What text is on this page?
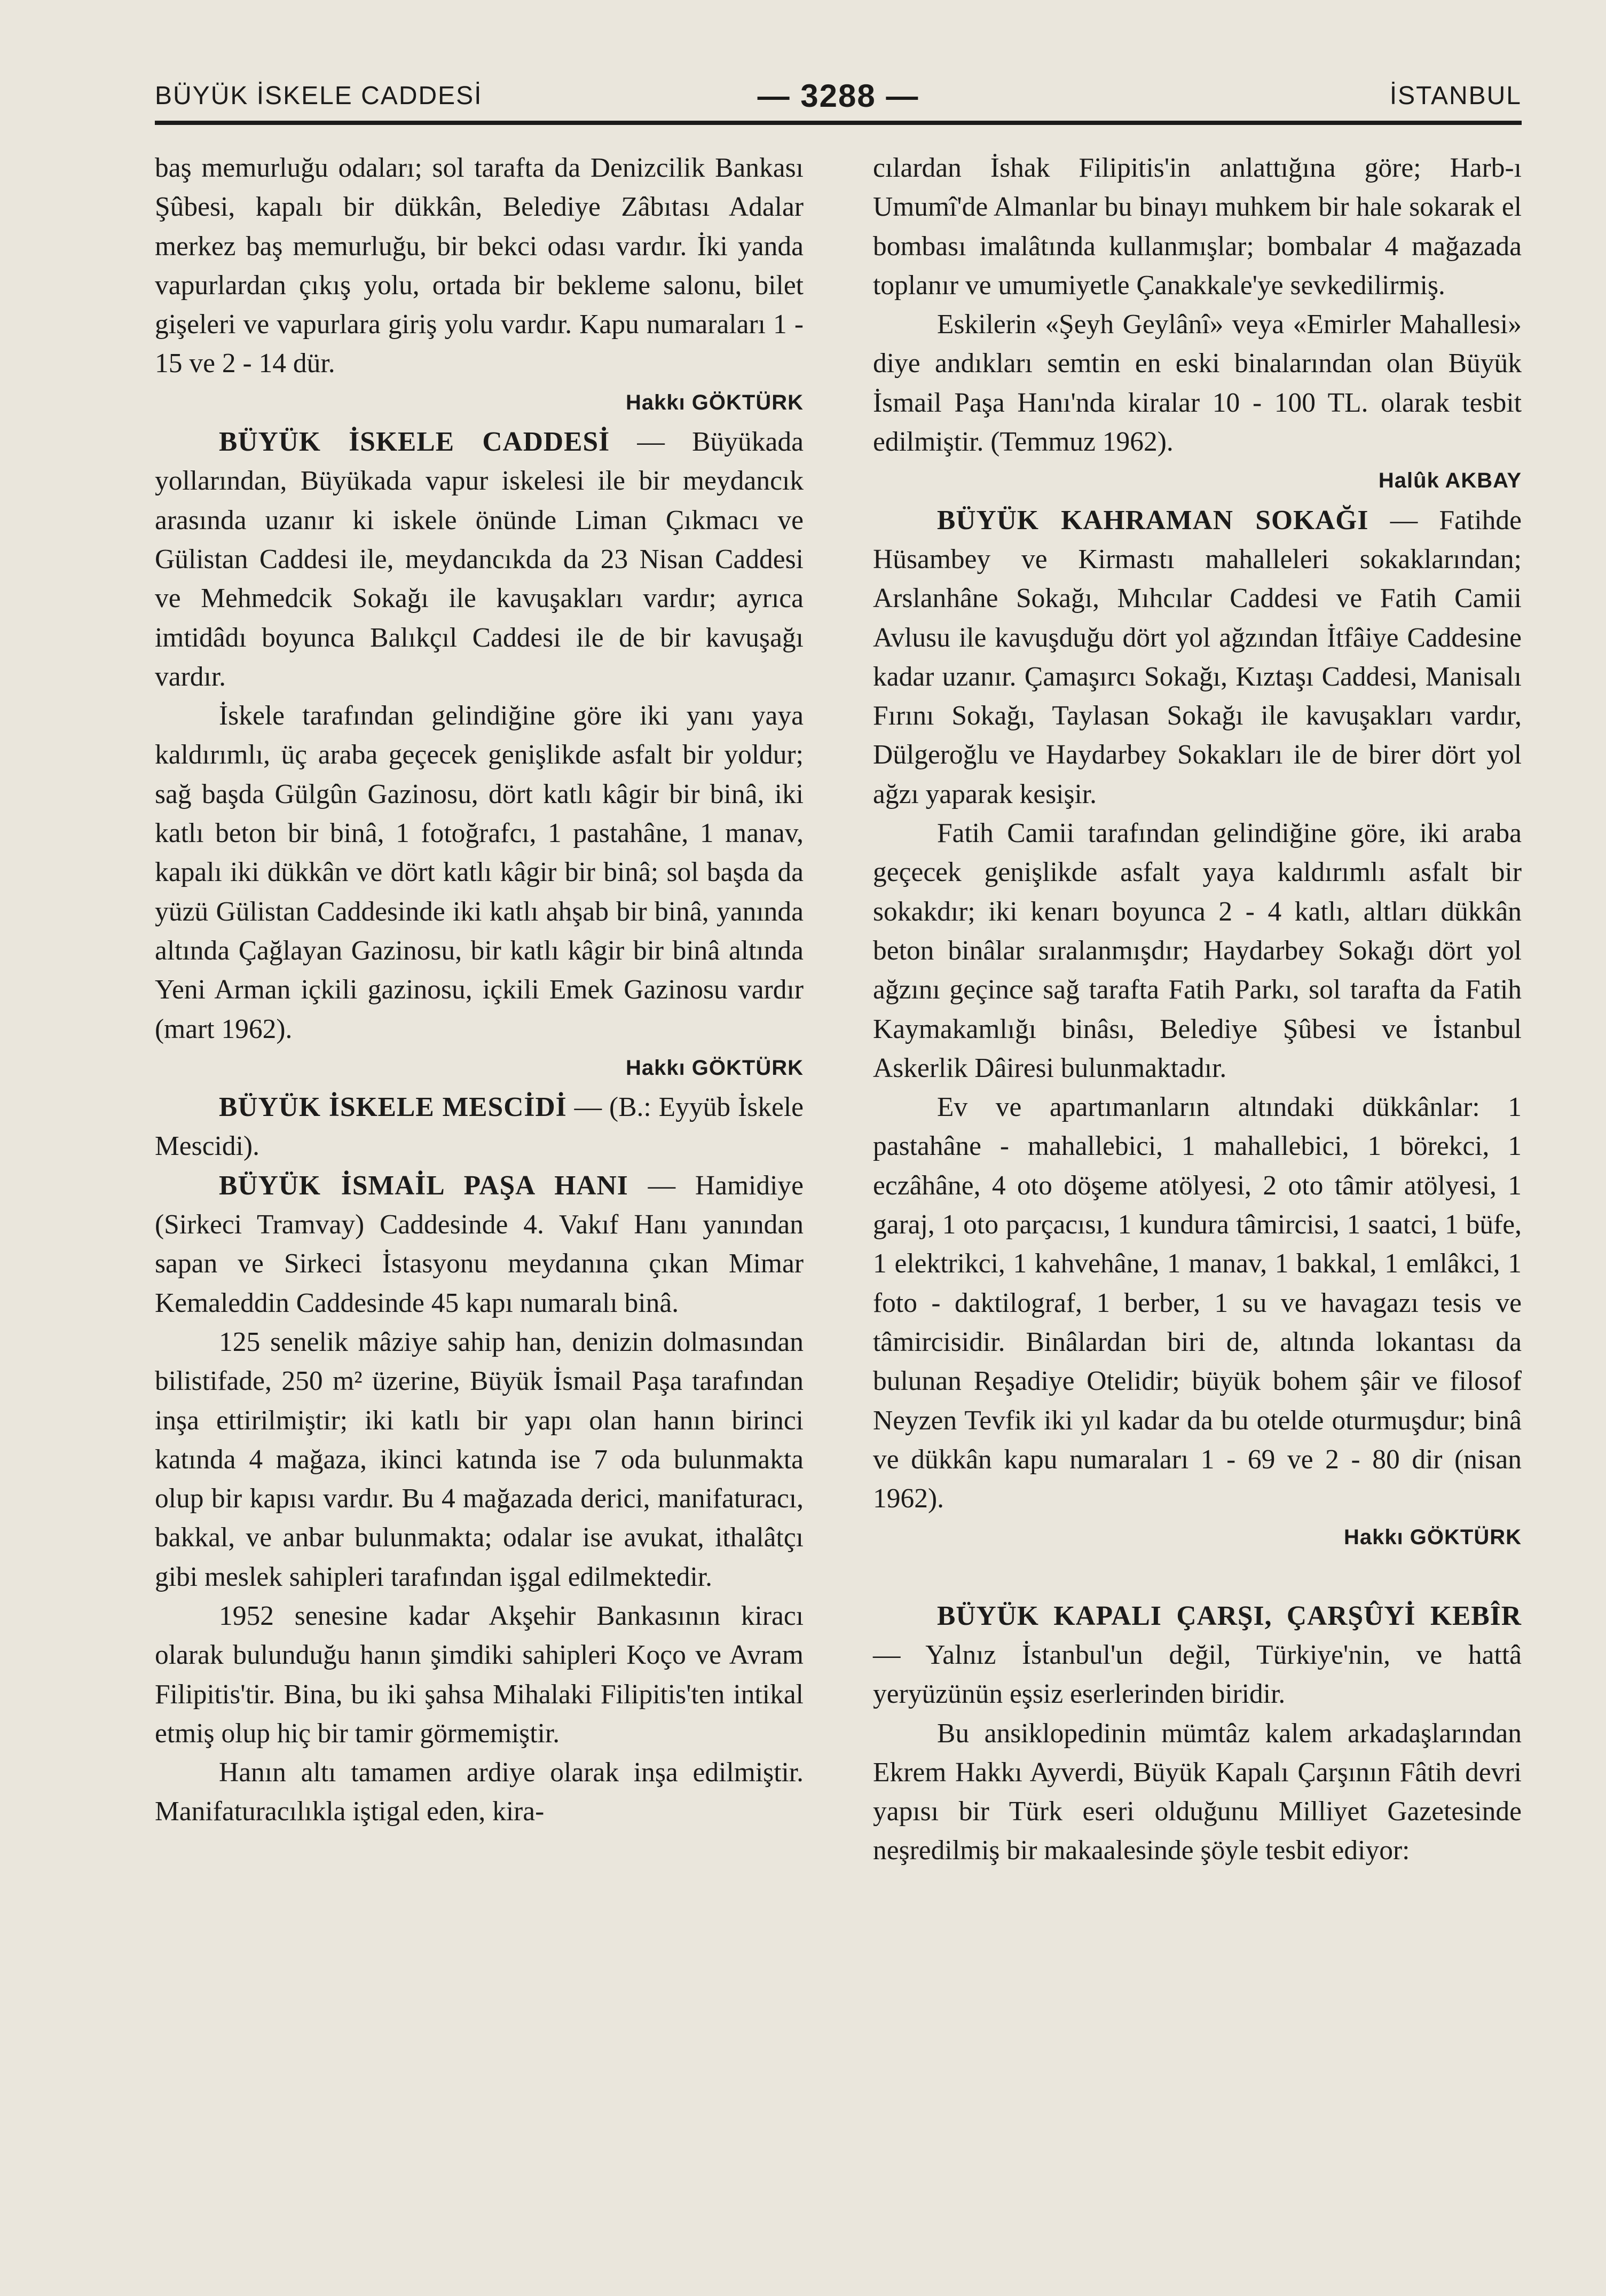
BÜYÜK İSKELE CADDESİ	— 3288 —	İSTANBUL

baş memurluğu odaları; sol tarafta da Denizcilik Bankası Şûbesi, kapalı bir dükkân, Belediye Zâbıtası Adalar merkez baş memurluğu, bir bekci odası vardır. İki yanda vapurlardan çıkış yolu, ortada bir bekleme salonu, bilet gişeleri ve vapurlara giriş yolu vardır. Kapu numaraları 1 - 15 ve 2 - 14 dür.

Hakkı GÖKTÜRK

BÜYÜK İSKELE CADDESİ — Büyükada yollarından, Büyükada vapur iskelesi ile bir meydancık arasında uzanır ki iskele önünde Liman Çıkmacı ve Gülistan Caddesi ile, meydancıkda da 23 Nisan Caddesi ve Mehmedcik Sokağı ile kavuşakları vardır; ayrıca imtidâdı boyunca Balıkçıl Caddesi ile de bir kavuşağı vardır.

İskele tarafından gelindiğine göre iki yanı yaya kaldırımlı, üç araba geçecek genişlikde asfalt bir yoldur; sağ başda Gülgûn Gazinosu, dört katlı kâgir bir binâ, iki katlı beton bir binâ, 1 fotoğrafcı, 1 pastahâne, 1 manav, kapalı iki dükkân ve dört katlı kâgir bir binâ; sol başda da yüzü Gülistan Caddesinde iki katlı ahşab bir binâ, yanında altında Çağlayan Gazinosu, bir katlı kâgir bir binâ altında Yeni Arman içkili gazinosu, içkili Emek Gazinosu vardır (mart 1962).

Hakkı GÖKTÜRK

BÜYÜK İSKELE MESCİDİ — (B.: Eyyüb İskele Mescidi).

BÜYÜK İSMAİL PAŞA HANI — Hamidiye (Sirkeci Tramvay) Caddesinde 4. Vakıf Hanı yanından sapan ve Sirkeci İstasyonu meydanına çıkan Mimar Kemaleddin Caddesinde 45 kapı numaralı binâ.

125 senelik mâziye sahip han, denizin dolmasından bilistifade, 250 m² üzerine, Büyük İsmail Paşa tarafından inşa ettirilmiştir; iki katlı bir yapı olan hanın birinci katında 4 mağaza, ikinci katında ise 7 oda bulunmakta olup bir kapısı vardır. Bu 4 mağazada derici, manifaturacı, bakkal, ve anbar bulunmakta; odalar ise avukat, ithalâtçı gibi meslek sahipleri tarafından işgal edilmektedir.

1952 senesine kadar Akşehir Bankasının kiracı olarak bulunduğu hanın şimdiki sahipleri Koço ve Avram Filipitis'tir. Bina, bu iki şahsa Mihalaki Filipitis'ten intikal etmiş olup hiç bir tamir görmemiştir.

Hanın altı tamamen ardiye olarak inşa edilmiştir. Manifaturacılıkla iştigal eden, kira-

cılardan İshak Filipitis'in anlattığına göre; Harb-ı Umumî'de Almanlar bu binayı muhkem bir hale sokarak el bombası imalâtında kullanmışlar; bombalar 4 mağazada toplanır ve umumiyetle Çanakkale'ye sevkedilirmiş.

Eskilerin «Şeyh Geylânî» veya «Emirler Mahallesi» diye andıkları semtin en eski binalarından olan Büyük İsmail Paşa Hanı'nda kiralar 10 - 100 TL. olarak tesbit edilmiştir. (Temmuz 1962).

Halûk AKBAY

BÜYÜK KAHRAMAN SOKAĞI — Fatihde Hüsambey ve Kirmastı mahalleleri sokaklarından; Arslanhâne Sokağı, Mıhcılar Caddesi ve Fatih Camii Avlusu ile kavuşduğu dört yol ağzından İtfâiye Caddesine kadar uzanır. Çamaşırcı Sokağı, Kıztaşı Caddesi, Manisalı Fırını Sokağı, Taylasan Sokağı ile kavuşakları vardır, Dülgeroğlu ve Haydarbey Sokakları ile de birer dört yol ağzı yaparak kesişir.

Fatih Camii tarafından gelindiğine göre, iki araba geçecek genişlikde asfalt yaya kaldırımlı asfalt bir sokakdır; iki kenarı boyunca 2 - 4 katlı, altları dükkân beton binâlar sıralanmışdır; Haydarbey Sokağı dört yol ağzını geçince sağ tarafta Fatih Parkı, sol tarafta da Fatih Kaymakamlığı binâsı, Belediye Şûbesi ve İstanbul Askerlik Dâiresi bulunmaktadır.

Ev ve apartımanların altındaki dükkânlar: 1 pastahâne - mahallebici, 1 mahallebici, 1 börekci, 1 eczâhâne, 4 oto döşeme atölyesi, 2 oto tâmir atölyesi, 1 garaj, 1 oto parçacısı, 1 kundura tâmircisi, 1 saatci, 1 büfe, 1 elektrikci, 1 kahvehâne, 1 manav, 1 bakkal, 1 emlâkci, 1 foto - daktilograf, 1 berber, 1 su ve havagazı tesis ve tâmircisidir. Binâlardan biri de, altında lokantası da bulunan Reşadiye Otelidir; büyük bohem şâir ve filosof Neyzen Tevfik iki yıl kadar da bu otelde oturmuşdur; binâ ve dükkân kapu numaraları 1 - 69 ve 2 - 80 dir (nisan 1962).

Hakkı GÖKTÜRK

BÜYÜK KAPALI ÇARŞI, ÇARŞÛYİ KEBÎR — Yalnız İstanbul'un değil, Türkiye'nin, ve hattâ yeryüzünün eşsiz eserlerinden biridir.

Bu ansiklopedinin mümtâz kalem arkadaşlarından Ekrem Hakkı Ayverdi, Büyük Kapalı Çarşının Fâtih devri yapısı bir Türk eseri olduğunu Milliyet Gazetesinde neşredilmiş bir makaalesinde şöyle tesbit ediyor:
